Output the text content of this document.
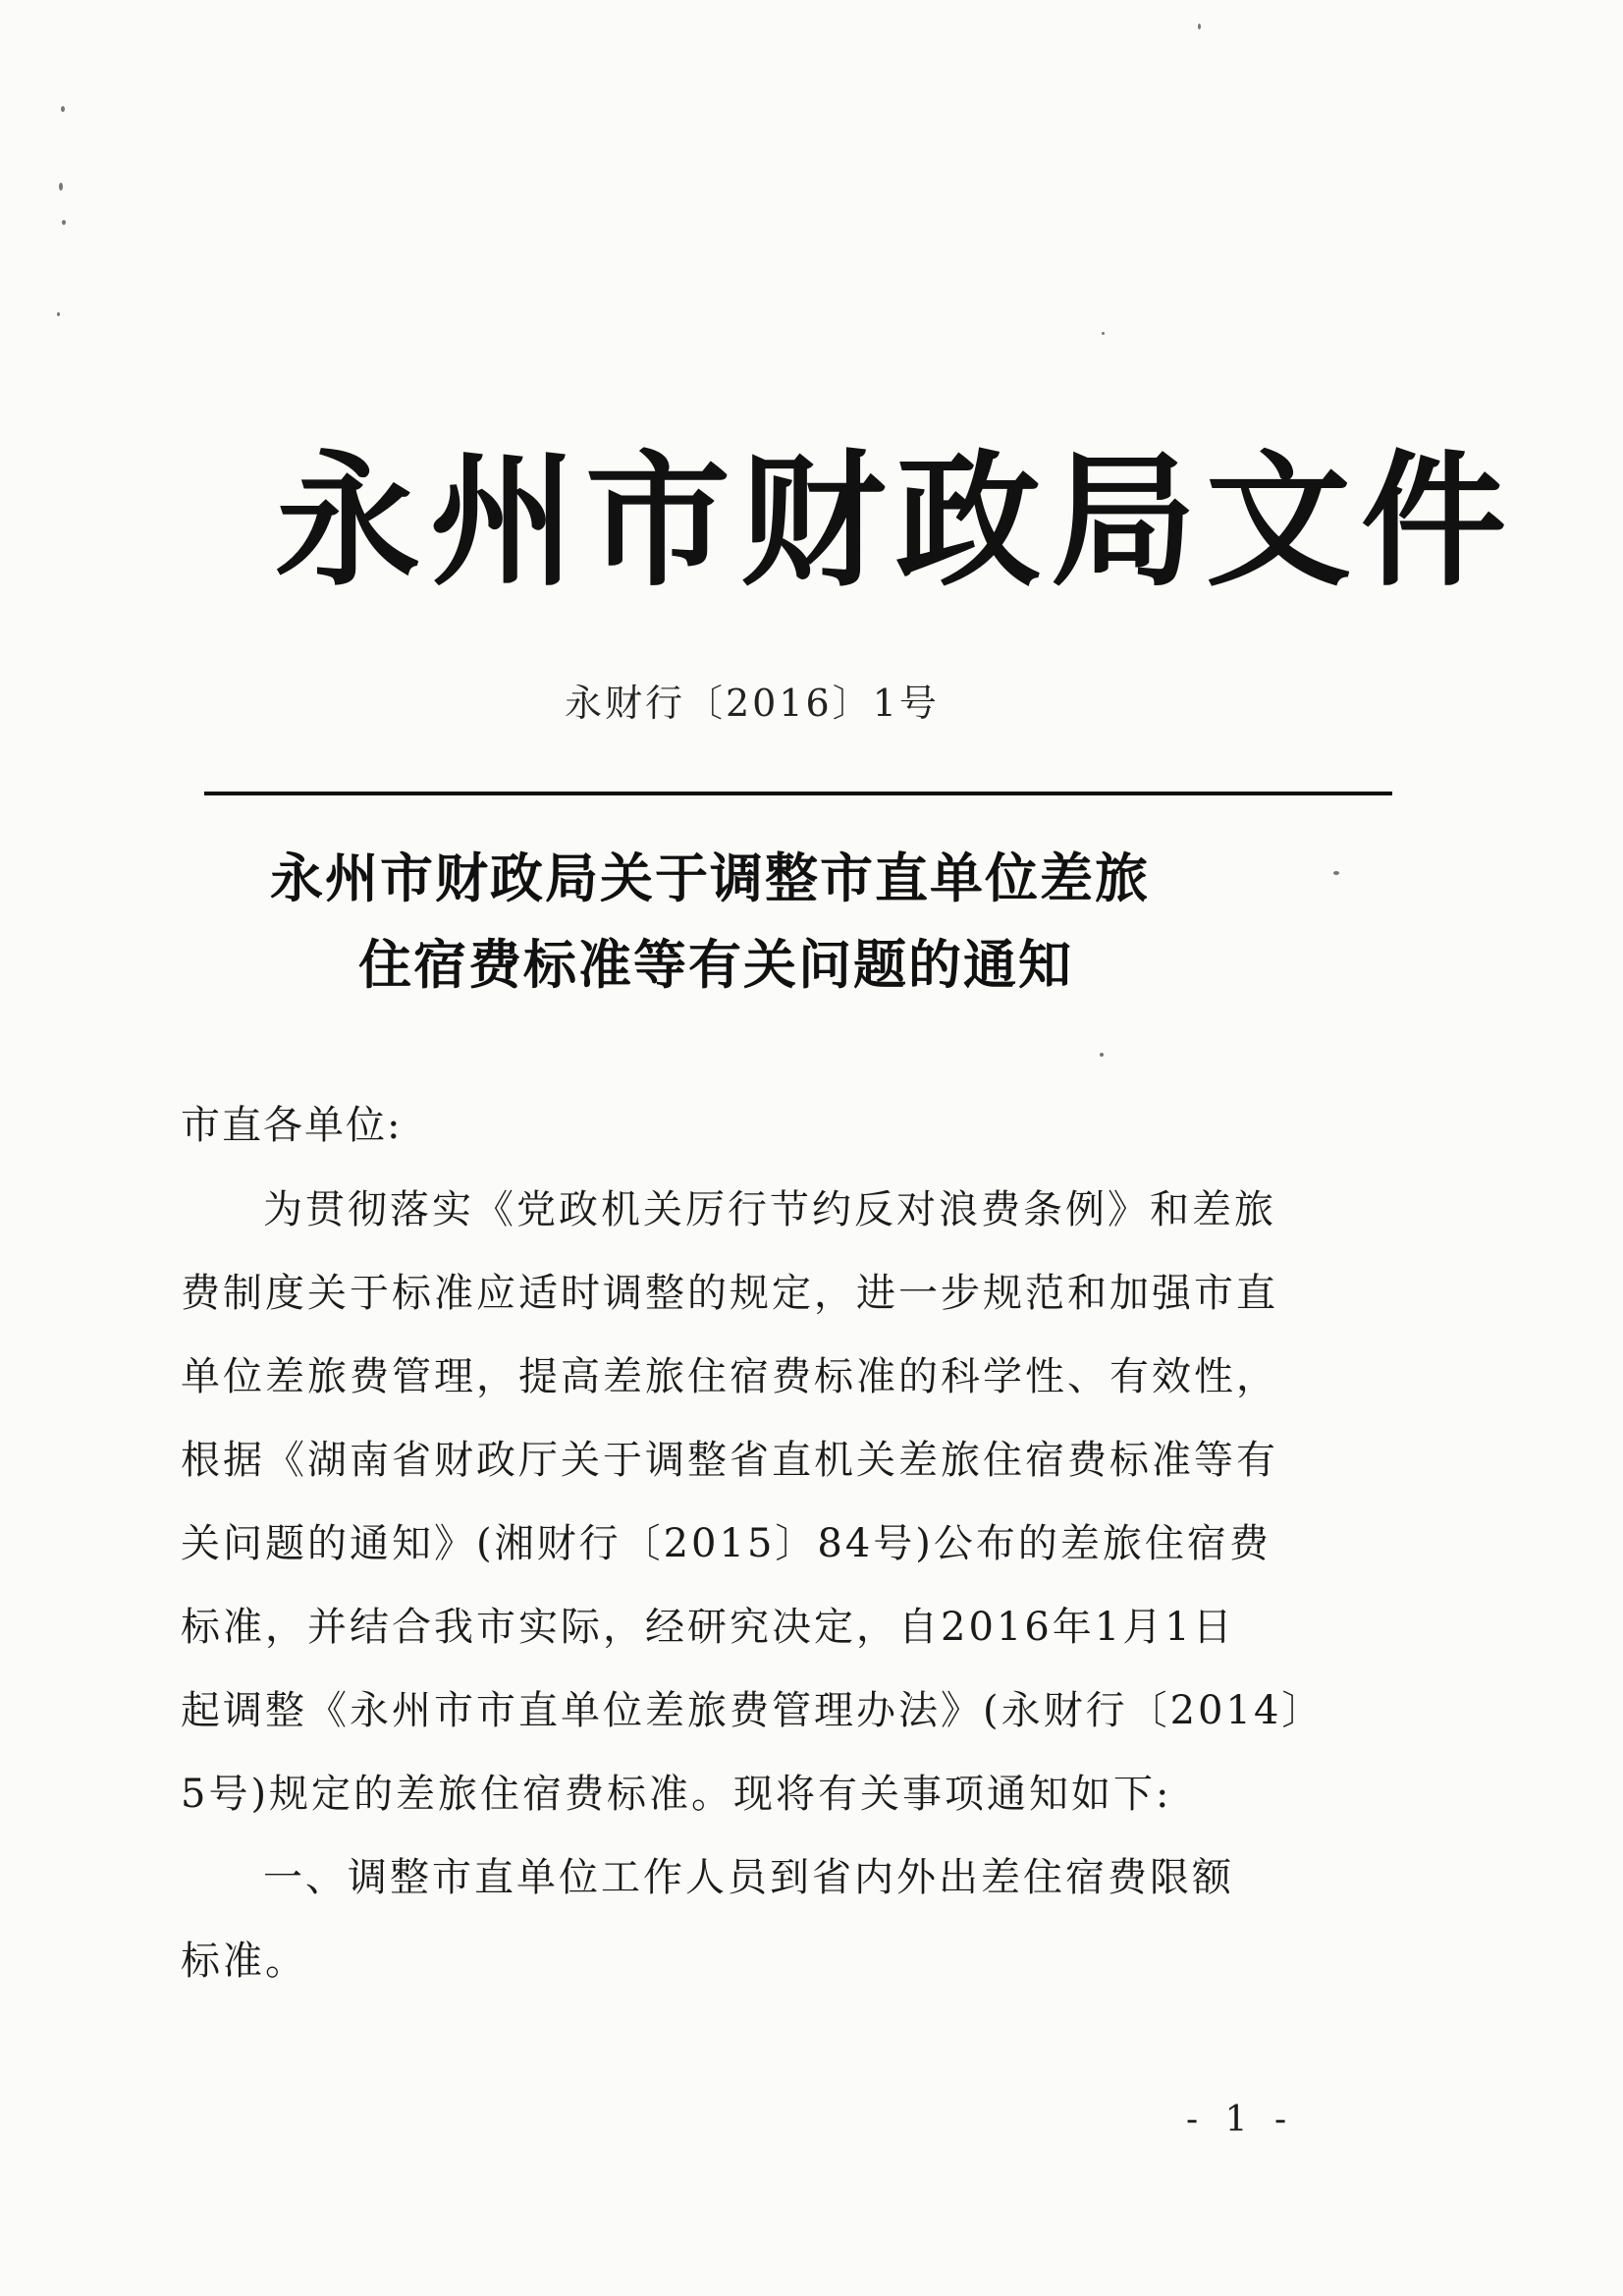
永州市财政局文件
永财行〔2016〕1号
永州市财政局关于调整市直单位差旅
住宿费标准等有关问题的通知
市直各单位:
为贯彻落实《党政机关厉行节约反对浪费条例》和差旅
费制度关于标准应适时调整的规定，进一步规范和加强市直
单位差旅费管理，提高差旅住宿费标准的科学性、有效性，
根据《湖南省财政厅关于调整省直机关差旅住宿费标准等有
关问题的通知》(湘财行〔2015〕84号)公布的差旅住宿费
标准，并结合我市实际，经研究决定，自2016年1月1日
起调整《永州市市直单位差旅费管理办法》(永财行〔2014〕
5号)规定的差旅住宿费标准。现将有关事项通知如下:
一、调整市直单位工作人员到省内外出差住宿费限额
标准。
- 1 -
